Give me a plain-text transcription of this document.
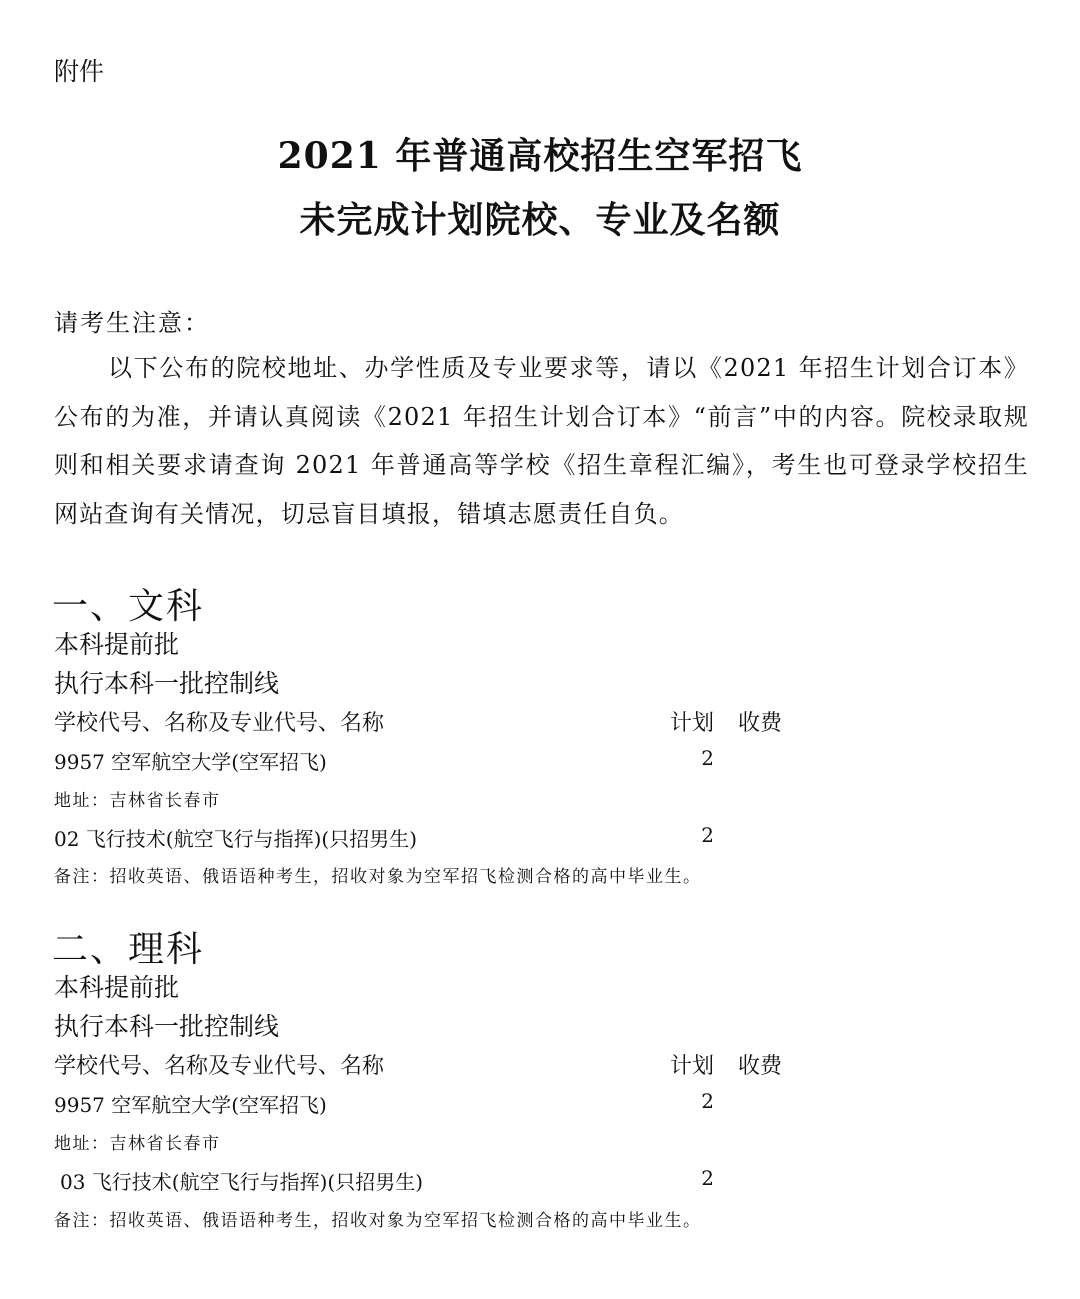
附件
2021 年普通高校招生空军招飞
未完成计划院校、专业及名额
请考生注意：
以下公布的院校地址、办学性质及专业要求等，请以《2021 年招生计划合订本》公布的为准，并请认真阅读《2021 年招生计划合订本》“前言”中的内容。院校录取规则和相关要求请查询 2021 年普通高等学校《招生章程汇编》，考生也可登录学校招生网站查询有关情况，切忌盲目填报，错填志愿责任自负。
一、文科
本科提前批
执行本科一批控制线
学校代号、名称及专业代号、名称	计划 收费
9957 空军航空大学(空军招飞)	2
地址：吉林省长春市
02 飞行技术(航空飞行与指挥)(只招男生)	2
备注：招收英语、俄语语种考生，招收对象为空军招飞检测合格的高中毕业生。
二、理科
本科提前批
执行本科一批控制线
学校代号、名称及专业代号、名称	计划 收费
9957 空军航空大学(空军招飞)	2
地址：吉林省长春市
03 飞行技术(航空飞行与指挥)(只招男生)	2
备注：招收英语、俄语语种考生，招收对象为空军招飞检测合格的高中毕业生。
